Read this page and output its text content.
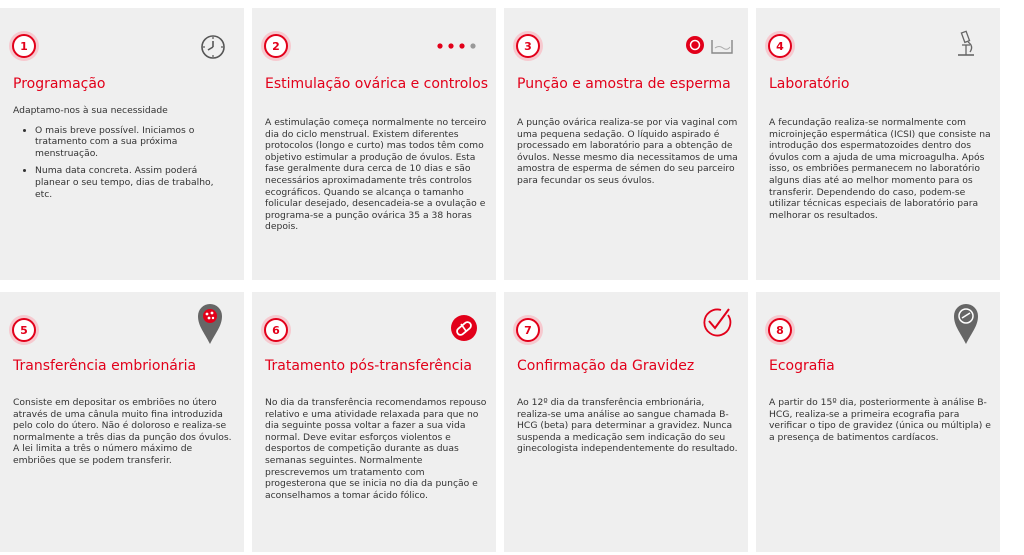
1
Programação

Adaptamo-nos à sua necessidade

• O mais breve possível. Iniciamos o tratamento com a sua próxima menstruação.
• Numa data concreta. Assim poderá planear o seu tempo, dias de trabalho, etc.
2
Estimulação ovárica e controlos
A estimulação começa normalmente no terceiro dia do ciclo menstrual. Existem diferentes protocolos (longo e curto) mas todos têm como objetivo estimular a produção de óvulos. Esta fase geralmente dura cerca de 10 dias e são necessários aproximadamente três controlos ecográficos. Quando se alcança o tamanho folicular desejado, desencadeia-se a ovulação e programa-se a punção ovárica 35 a 38 horas depois.
3
Punção e amostra de esperma
A punção ovárica realiza-se por via vaginal com uma pequena sedação. O líquido aspirado é processado em laboratório para a obtenção de óvulos. Nesse mesmo dia necessitamos de uma amostra de esperma de sémen do seu parceiro para fecundar os seus óvulos.
4
Laboratório
A fecundação realiza-se normalmente com microinjeção espermática (ICSI) que consiste na introdução dos espermatozoides dentro dos óvulos com a ajuda de uma microagulha. Após isso, os embriões permanecem no laboratório alguns dias até ao melhor momento para os transferir. Dependendo do caso, podem-se utilizar técnicas especiais de laboratório para melhorar os resultados.
5
Transferência embrionária
Consiste em depositar os embriões no útero através de uma cânula muito fina introduzida pelo colo do útero. Não é doloroso e realiza-se normalmente a três dias da punção dos óvulos. A lei limita a três o número máximo de embriões que se podem transferir.
6
Tratamento pós-transferência
No dia da transferência recomendamos repouso relativo e uma atividade relaxada para que no dia seguinte possa voltar a fazer a sua vida normal. Deve evitar esforços violentos e desportos de competição durante as duas semanas seguintes. Normalmente prescrevemos um tratamento com progesterona que se inicia no dia da punção e aconselhamos a tomar ácido fólico.
7
Confirmação da Gravidez
Ao 12º dia da transferência embrionária, realiza-se uma análise ao sangue chamada B-HCG (beta) para determinar a gravidez. Nunca suspenda a medicação sem indicação do seu ginecologista independentemente do resultado.
8
Ecografia
A partir do 15º dia, posteriormente à análise B-HCG, realiza-se a primeira ecografia para verificar o tipo de gravidez (única ou múltipla) e a presença de batimentos cardíacos.
